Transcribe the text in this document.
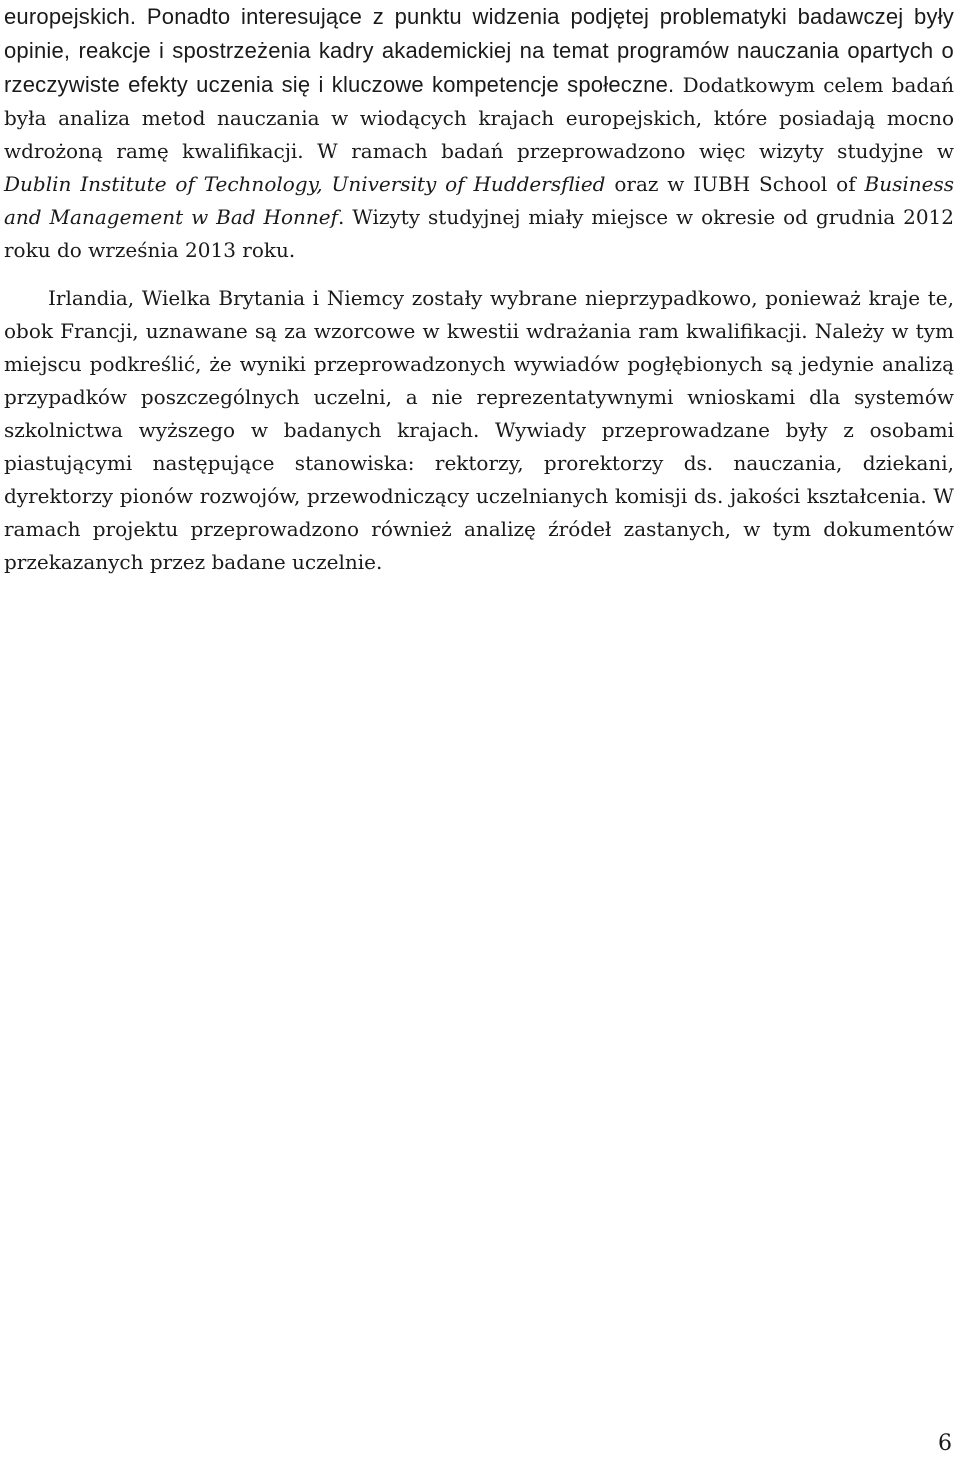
europejskich. Ponadto interesujące z punktu widzenia podjętej problematyki badawczej były opinie, reakcje i spostrzeżenia kadry akademickiej na temat programów nauczania opartych o rzeczywiste efekty uczenia się i kluczowe kompetencje społeczne. Dodatkowym celem badań była analiza metod nauczania w wiodących krajach europejskich, które posiadają mocno wdrożoną ramę kwalifikacji. W ramach badań przeprowadzono więc wizyty studyjne w Dublin Institute of Technology, University of Huddersflied oraz w IUBH School of Business and Management w Bad Honnef. Wizyty studyjnej miały miejsce w okresie od grudnia 2012 roku do września 2013 roku.

Irlandia, Wielka Brytania i Niemcy zostały wybrane nieprzypadkowo, ponieważ kraje te, obok Francji, uznawane są za wzorcowe w kwestii wdrażania ram kwalifikacji. Należy w tym miejscu podkreślić, że wyniki przeprowadzonych wywiadów pogłębionych są jedynie analizą przypadków poszczególnych uczelni, a nie reprezentatywnymi wnioskami dla systemów szkolnictwa wyższego w badanych krajach. Wywiady przeprowadzane były z osobami piastującymi następujące stanowiska: rektorzy, prorektorzy ds. nauczania, dziekani, dyrektorzy pionów rozwojów, przewodniczący uczelnianych komisji ds. jakości kształcenia. W ramach projektu przeprowadzono również analizę źródeł zastanych, w tym dokumentów przekazanych przez badane uczelnie.

6
